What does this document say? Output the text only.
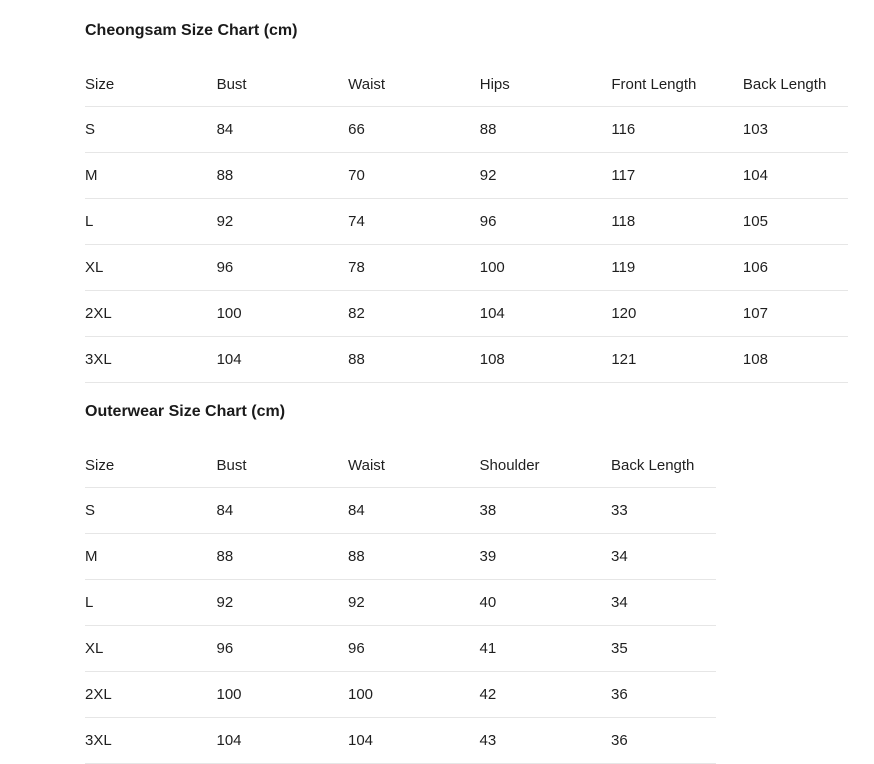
Cheongsam Size Chart (cm)
Size	Bust	Waist	Hips	Front Length	Back Length
S	84	66	88	116	103
M	88	70	92	117	104
L	92	74	96	118	105
XL	96	78	100	119	106
2XL	100	82	104	120	107
3XL	104	88	108	121	108
Outerwear Size Chart (cm)
Size	Bust	Waist	Shoulder	Back Length
S	84	84	38	33
M	88	88	39	34
L	92	92	40	34
XL	96	96	41	35
2XL	100	100	42	36
3XL	104	104	43	36
